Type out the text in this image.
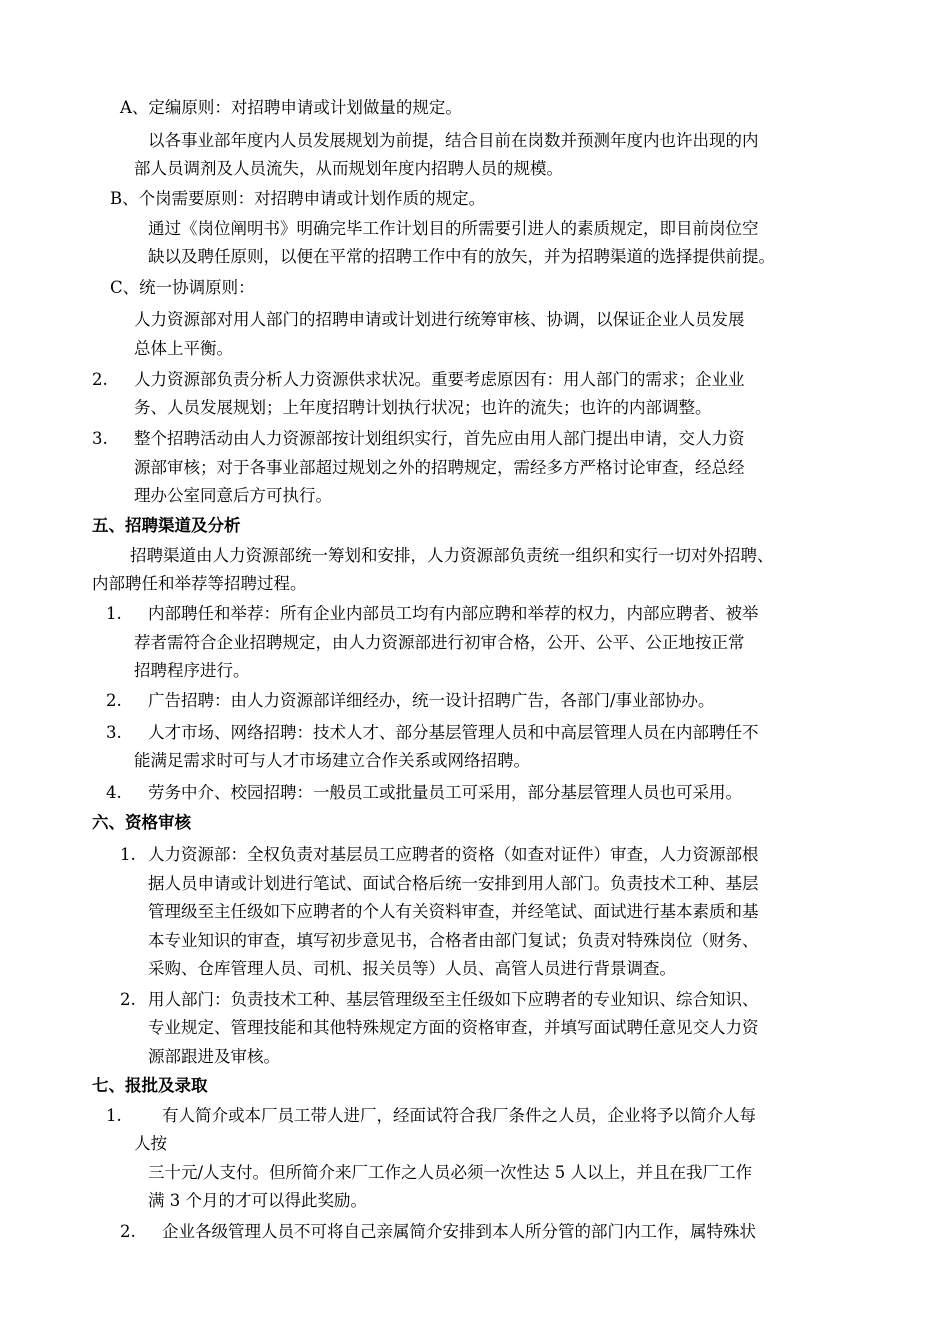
A、定编原则：对招聘申请或计划做量的规定。
以各事业部年度内人员发展规划为前提，结合目前在岗数并预测年度内也许出现的内
部人员调剂及人员流失，从而规划年度内招聘人员的规模。
B、个岗需要原则：对招聘申请或计划作质的规定。
通过《岗位阐明书》明确完毕工作计划目的所需要引进人的素质规定，即目前岗位空
缺以及聘任原则，以便在平常的招聘工作中有的放矢，并为招聘渠道的选择提供前提。
C、统一协调原则：
人力资源部对用人部门的招聘申请或计划进行统筹审核、协调，以保证企业人员发展
总体上平衡。
2. 人力资源部负责分析人力资源供求状况。重要考虑原因有：用人部门的需求；企业业
务、人员发展规划；上年度招聘计划执行状况；也许的流失；也许的内部调整。
3. 整个招聘活动由人力资源部按计划组织实行，首先应由用人部门提出申请，交人力资
源部审核；对于各事业部超过规划之外的招聘规定，需经多方严格讨论审查，经总经
理办公室同意后方可执行。
五、招聘渠道及分析
招聘渠道由人力资源部统一筹划和安排，人力资源部负责统一组织和实行一切对外招聘、
内部聘任和举荐等招聘过程。
1. 内部聘任和举荐：所有企业内部员工均有内部应聘和举荐的权力，内部应聘者、被举
荐者需符合企业招聘规定，由人力资源部进行初审合格，公开、公平、公正地按正常
招聘程序进行。
2. 广告招聘：由人力资源部详细经办，统一设计招聘广告，各部门/事业部协办。
3. 人才市场、网络招聘：技术人才、部分基层管理人员和中高层管理人员在内部聘任不
能满足需求时可与人才市场建立合作关系或网络招聘。
4. 劳务中介、校园招聘：一般员工或批量员工可采用，部分基层管理人员也可采用。
六、资格审核
1. 人力资源部：全权负责对基层员工应聘者的资格（如查对证件）审查，人力资源部根
据人员申请或计划进行笔试、面试合格后统一安排到用人部门。负责技术工种、基层
管理级至主任级如下应聘者的个人有关资料审查，并经笔试、面试进行基本素质和基
本专业知识的审查，填写初步意见书，合格者由部门复试；负责对特殊岗位（财务、
采购、仓库管理人员、司机、报关员等）人员、高管人员进行背景调查。
2. 用人部门：负责技术工种、基层管理级至主任级如下应聘者的专业知识、综合知识、
专业规定、管理技能和其他特殊规定方面的资格审查，并填写面试聘任意见交人力资
源部跟进及审核。
七、报批及录取
1. 有人简介或本厂员工带人进厂，经面试符合我厂条件之人员，企业将予以简介人每
人按
三十元/人支付。但所简介来厂工作之人员必须一次性达 5 人以上，并且在我厂工作
满 3 个月的才可以得此奖励。
2. 企业各级管理人员不可将自己亲属简介安排到本人所分管的部门内工作，属特殊状
